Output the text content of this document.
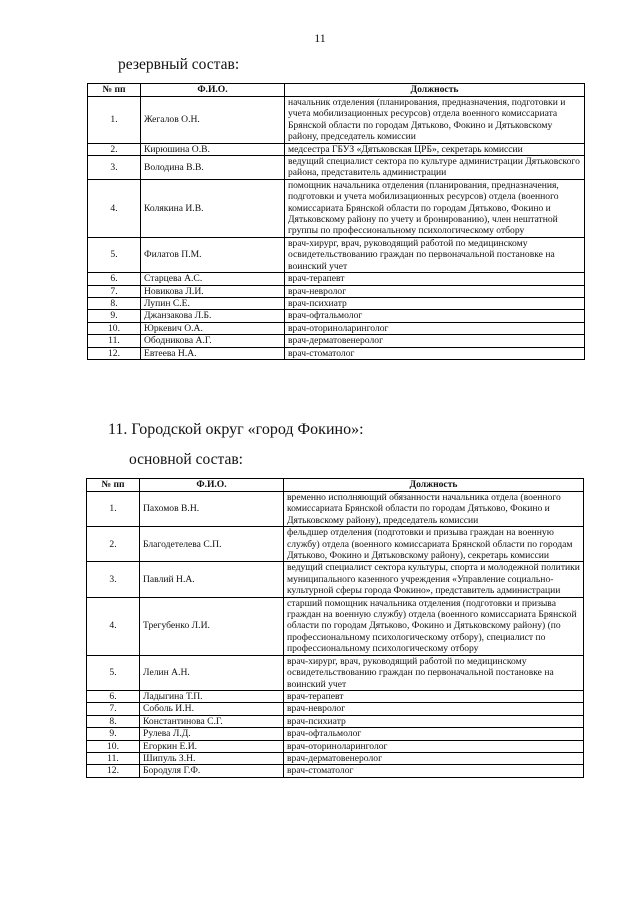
11
резервный состав:
№ пп	Ф.И.О.	Должность
1.	Жегалов О.Н.	начальник отделения (планирования, предназначения, подготовки и учета мобилизационных ресурсов) отдела военного комиссариата Брянской области по городам Дятьково, Фокино и Дятьковскому району, председатель комиссии
2.	Кирюшина О.В.	медсестра ГБУЗ «Дятьковская ЦРБ», секретарь комиссии
3.	Володина В.В.	ведущий специалист сектора по культуре администрации Дятьковского района, представитель администрации
4.	Колякина И.В.	помощник начальника отделения (планирования, предназначения, подготовки и учета мобилизационных ресурсов) отдела (военного комиссариата Брянской области по городам Дятьково, Фокино и Дятьковскому району по учету и бронированию), член нештатной группы по профессиональному психологическому отбору
5.	Филатов П.М.	врач-хирург, врач, руководящий работой по медицинскому освидетельствованию граждан по первоначальной постановке на воинский учет
6.	Старцева А.С.	врач-терапевт
7.	Новикова Л.И.	врач-невролог
8.	Лупин С.Е.	врач-психиатр
9.	Джанзакова Л.Б.	врач-офтальмолог
10.	Юркевич О.А.	врач-оториноларинголог
11.	Ободникова А.Г.	врач-дерматовенеролог
12.	Евтеева Н.А.	врач-стоматолог
11. Городской округ «город Фокино»:
основной состав:
№ пп	Ф.И.О.	Должность
1.	Пахомов В.Н.	временно исполняющий обязанности начальника отдела (военного комиссариата Брянской области по городам Дятьково, Фокино и Дятьковскому району), председатель комиссии
2.	Благодетелева С.П.	фельдшер отделения (подготовки и призыва граждан на военную службу) отдела (военного комиссариата Брянской области по городам Дятьково, Фокино и Дятьковскому району), секретарь комиссии
3.	Павлий Н.А.	ведущий специалист сектора культуры, спорта и молодежной политики муниципального казенного учреждения «Управление социально-культурной сферы города Фокино», представитель администрации
4.	Трегубенко Л.И.	старший помощник начальника отделения (подготовки и призыва граждан на военную службу) отдела (военного комиссариата Брянской области по городам Дятьково, Фокино и Дятьковскому району) (по профессиональному психологическому отбору), специалист по профессиональному психологическому отбору
5.	Лелин А.Н.	врач-хирург, врач, руководящий работой по медицинскому освидетельствованию граждан по первоначальной постановке на воинский учет
6.	Ладыгина Т.П.	врач-терапевт
7.	Соболь И.Н.	врач-невролог
8.	Константинова С.Г.	врач-психиатр
9.	Рулева Л.Д.	врач-офтальмолог
10.	Егоркин Е.И.	врач-оториноларинголог
11.	Шипуль З.Н.	врач-дерматовенеролог
12.	Бородуля Г.Ф.	врач-стоматолог
